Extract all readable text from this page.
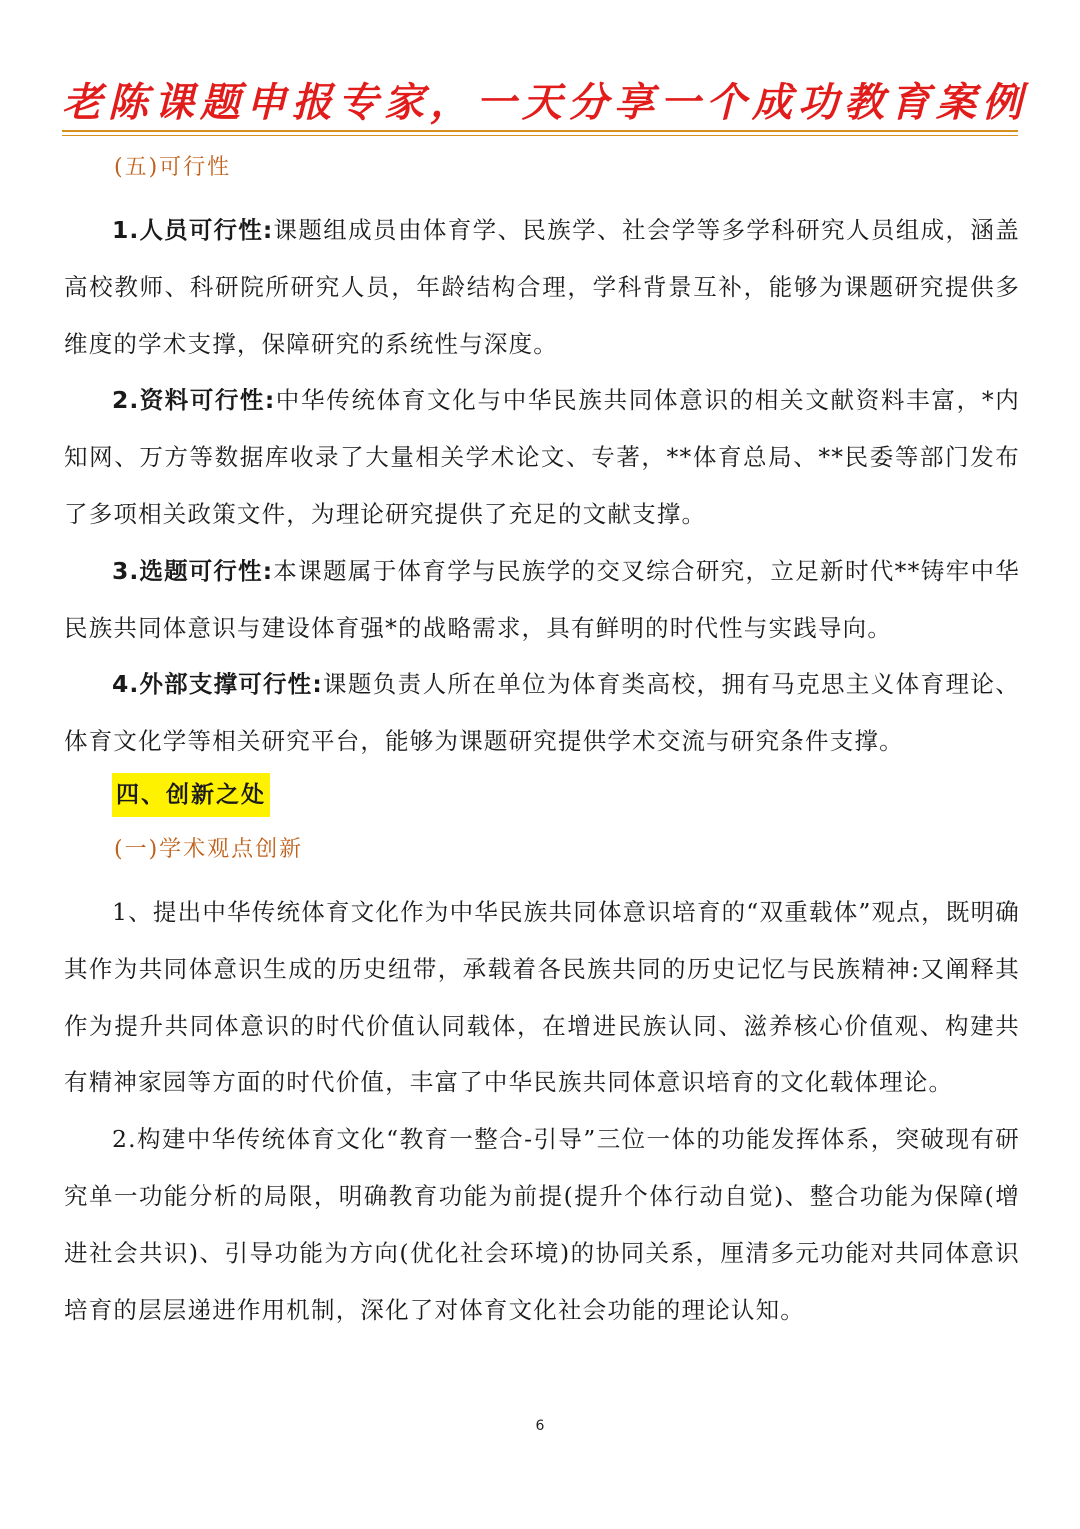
老陈课题申报专家，一天分享一个成功教育案例
(五)可行性

1.人员可行性:课题组成员由体育学、民族学、社会学等多学科研究人员组成，涵盖高校教师、科研院所研究人员，年龄结构合理，学科背景互补，能够为课题研究提供多维度的学术支撑，保障研究的系统性与深度。

2.资料可行性:中华传统体育文化与中华民族共同体意识的相关文献资料丰富，*内知网、万方等数据库收录了大量相关学术论文、专著，**体育总局、**民委等部门发布了多项相关政策文件，为理论研究提供了充足的文献支撑。

3.选题可行性:本课题属于体育学与民族学的交叉综合研究，立足新时代**铸牢中华民族共同体意识与建设体育强*的战略需求，具有鲜明的时代性与实践导向。

4.外部支撑可行性:课题负责人所在单位为体育类高校，拥有马克思主义体育理论、体育文化学等相关研究平台，能够为课题研究提供学术交流与研究条件支撑。

四、创新之处
(一)学术观点创新

1、提出中华传统体育文化作为中华民族共同体意识培育的“双重载体”观点，既明确其作为共同体意识生成的历史纽带，承载着各民族共同的历史记忆与民族精神:又阐释其作为提升共同体意识的时代价值认同载体，在增进民族认同、滋养核心价值观、构建共有精神家园等方面的时代价值，丰富了中华民族共同体意识培育的文化载体理论。

2.构建中华传统体育文化“教育一整合-引导”三位一体的功能发挥体系，突破现有研究单一功能分析的局限，明确教育功能为前提(提升个体行动自觉)、整合功能为保障(增进社会共识)、引导功能为方向(优化社会环境)的协同关系，厘清多元功能对共同体意识培育的层层递进作用机制，深化了对体育文化社会功能的理论认知。

6
